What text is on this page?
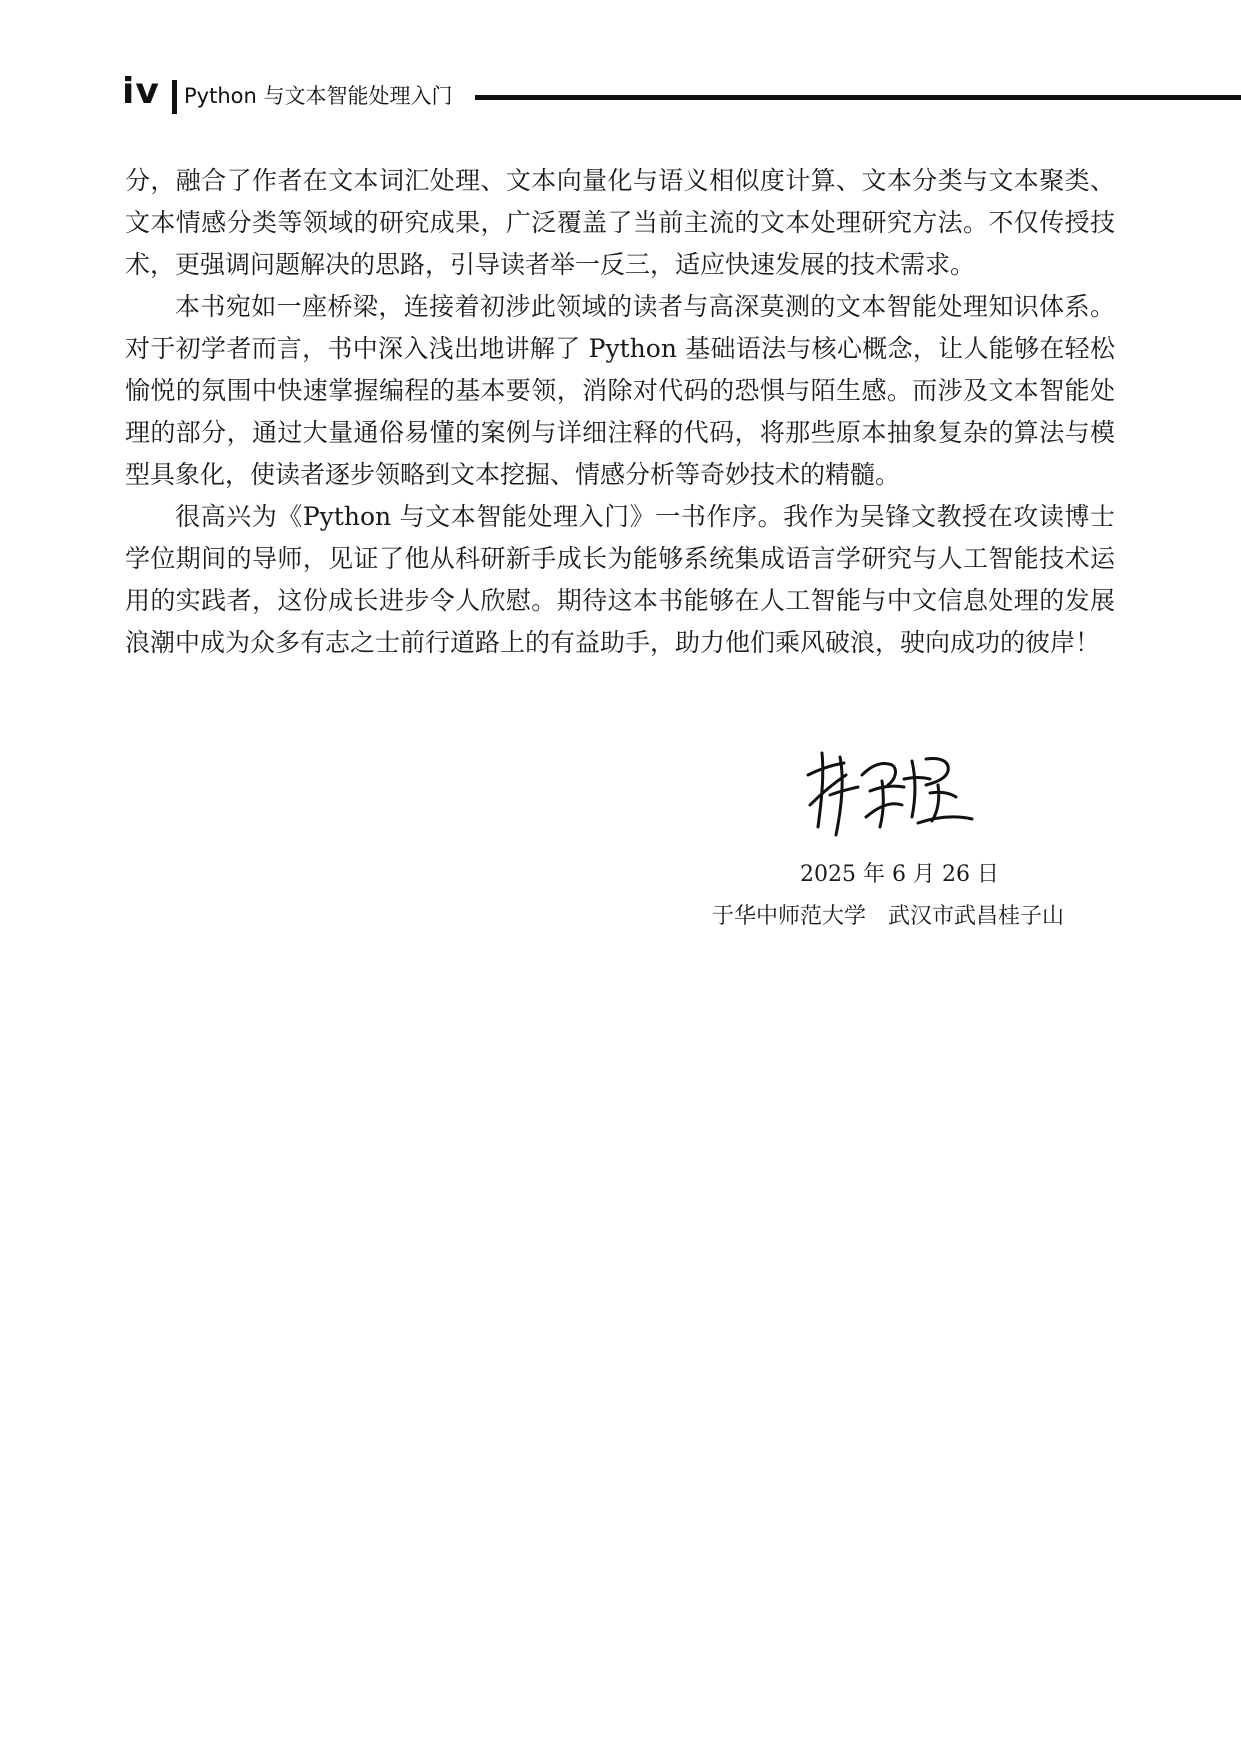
iv Python 与文本智能处理入门

分，融合了作者在文本词汇处理、文本向量化与语义相似度计算、文本分类与文本聚类、文本情感分类等领域的研究成果，广泛覆盖了当前主流的文本处理研究方法。不仅传授技术，更强调问题解决的思路，引导读者举一反三，适应快速发展的技术需求。

本书宛如一座桥梁，连接着初涉此领域的读者与高深莫测的文本智能处理知识体系。对于初学者而言，书中深入浅出地讲解了 Python 基础语法与核心概念，让人能够在轻松愉悦的氛围中快速掌握编程的基本要领，消除对代码的恐惧与陌生感。而涉及文本智能处理的部分，通过大量通俗易懂的案例与详细注释的代码，将那些原本抽象复杂的算法与模型具象化，使读者逐步领略到文本挖掘、情感分析等奇妙技术的精髓。

很高兴为《Python 与文本智能处理入门》一书作序。我作为吴锋文教授在攻读博士学位期间的导师，见证了他从科研新手成长为能够系统集成语言学研究与人工智能技术运用的实践者，这份成长进步令人欣慰。期待这本书能够在人工智能与中文信息处理的发展浪潮中成为众多有志之士前行道路上的有益助手，助力他们乘风破浪，驶向成功的彼岸！

2025 年 6 月 26 日
于华中师范大学　武汉市武昌桂子山
